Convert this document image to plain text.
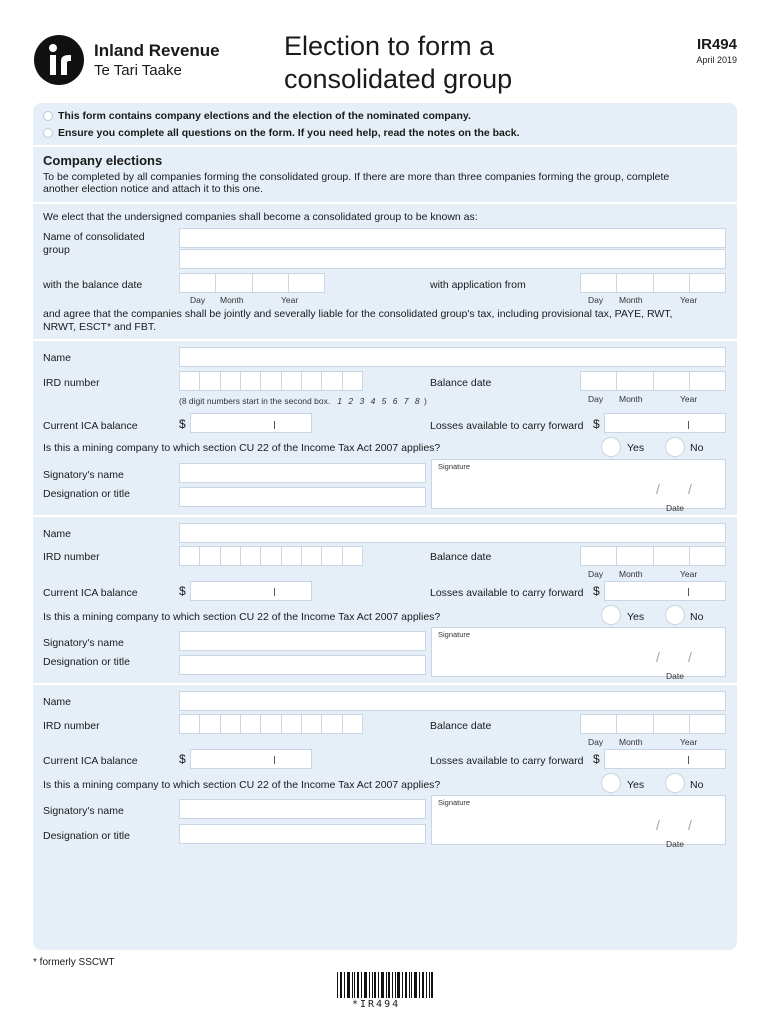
Inland Revenue
Te Tari Taake
Election to form a
consolidated group
IR494
April 2019
This form contains company elections and the election of the nominated company.
Ensure you complete all questions on the form. If you need help, read the notes on the back.
Company elections
To be completed by all companies forming the consolidated group. If there are more than three companies forming the group, complete
another election notice and attach it to this one.
We elect that the undersigned companies shall become a consolidated group to be known as:
Name of consolidated
group
with the balance date
Day Month	Year
with application from
Day Month	Year
and agree that the companies shall be jointly and severally liable for the consolidated group's tax, including provisional tax, PAYE, RWT,
NRWT, ESCT* and FBT.
Name
IRD number
(8 digit numbers start in the second box. 1 2 3 4 5 6 7 8 )
Balance date
Day Month	Year
Current ICA balance	$	Losses available to carry forward $
Is this a mining company to which section CU 22 of the Income Tax Act 2007 applies?	Yes	No
Signatory's name
Designation or title
Signature
/ /
Date
Name
IRD number	Balance date
Day Month	Year
Current ICA balance	$	Losses available to carry forward $
Is this a mining company to which section CU 22 of the Income Tax Act 2007 applies?	Yes	No
Signatory's name
Designation or title
Signature
/ /
Date
Name
IRD number	Balance date
Day Month	Year
Current ICA balance	$	Losses available to carry forward $
Is this a mining company to which section CU 22 of the Income Tax Act 2007 applies?	Yes	No
Signatory's name
Designation or title
Signature
/ /
Date
* formerly SSCWT
*IR494
